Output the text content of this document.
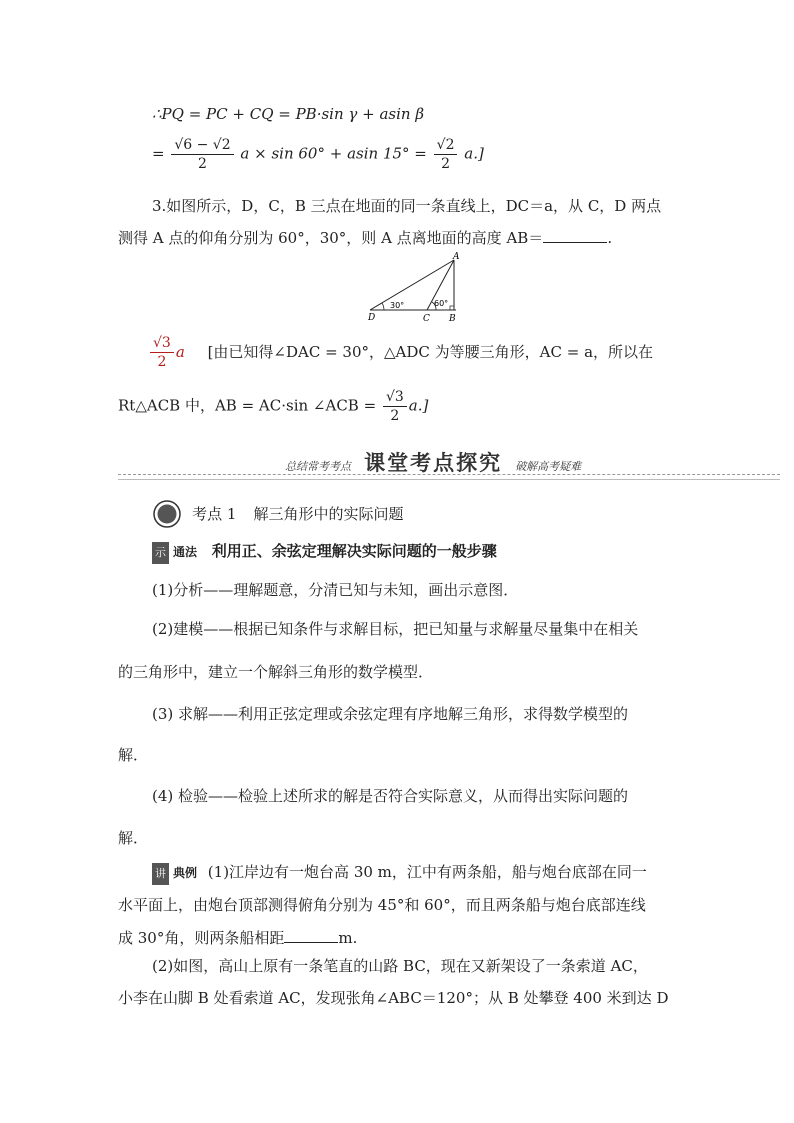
∴PQ = PC + CQ = PB·sin γ + asin β
= $\frac{√6 - √2}{2}$ a × sin 60° + asin $15^\circ = \frac{√2}{2} a$.]
3.如图所示，D，C，B 三点在地面的同一条直线上，DC＝a，从 C，D 两点
测得 A 点的仰角分别为 60°，30°，则 A 点离地面的高度 AB＝	.
A
D	C B
30°	60°
$\frac{√3}{2}$ a [由已知得∠DAC = 30°，△ADC 为等腰三角形，AC = a，所以在
Rt△ACB 中，AB = AC·sin ∠ACB = $\frac{√3}{2} a$.]
总结常考考点 课堂考点探究 破解高考疑难
考点 1 解三角形中的实际问题
示 通法 利用正、余弦定理解决实际问题的一般步骤
(1)分析——理解题意，分清已知与未知，画出示意图．
(2)建模——根据已知条件与求解目标，把已知量与求解量尽量集中在相关
的三角形中，建立一个解斜三角形的数学模型．
(3) 求解——利用正弦定理或余弦定理有序地解三角形，求得数学模型的
解．
(4) 检验——检验上述所求的解是否符合实际意义，从而得出实际问题的
解．
讲 典例 (1)江岸边有一炮台高 30 m，江中有两条船，船与炮台底部在同一
水平面上，由炮台顶部测得俯角分别为 45°和 60°，而且两条船与炮台底部连线
成 30°角，则两条船相距	m.
(2)如图，高山上原有一条笔直的山路 BC，现在又新架设了一条索道 AC，
小李在山脚 B 处看索道 AC，发现张角∠ABC＝120°；从 B 处攀登 400 米到达 D
